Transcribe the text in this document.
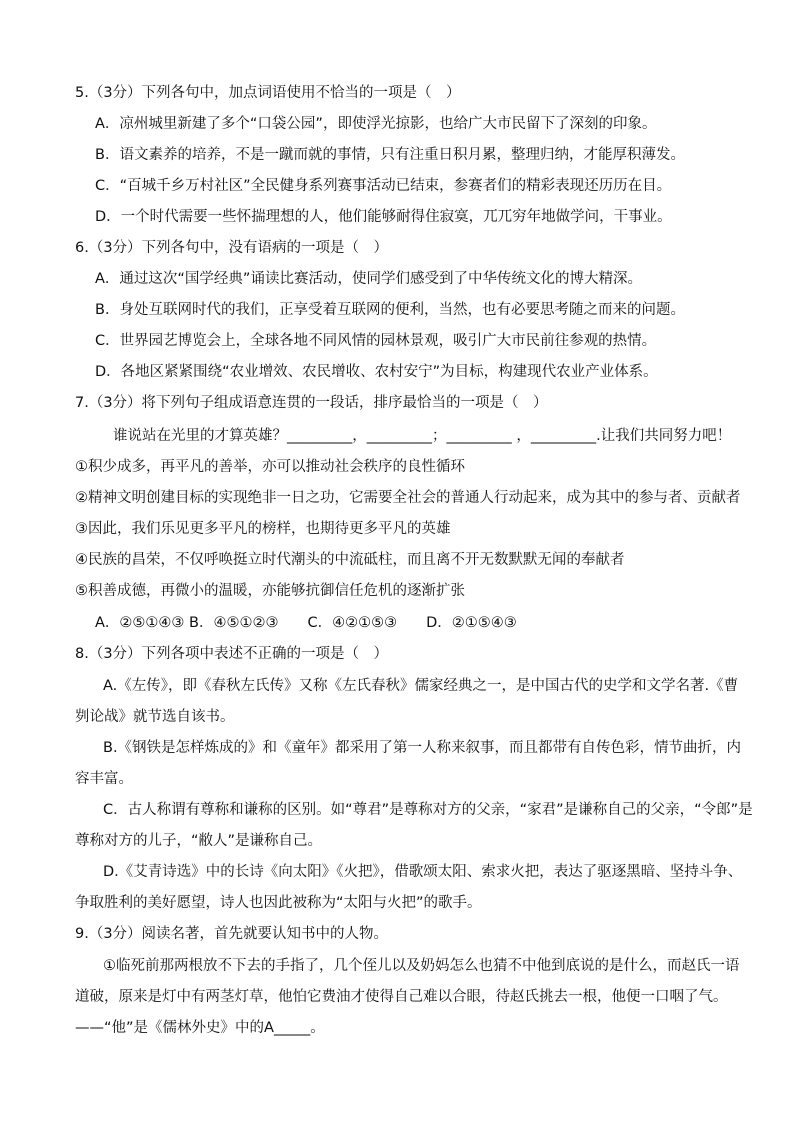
5.（3分）下列各句中，加点词语使用不恰当的一项是（　）
A．凉州城里新建了多个“口袋公园”，即使浮光掠影，也给广大市民留下了深刻的印象。
B．语文素养的培养，不是一蹴而就的事情，只有注重日积月累，整理归纳，才能厚积薄发。
C．“百城千乡万村社区”全民健身系列赛事活动已结束，参赛者们的精彩表现还历历在目。
D．一个时代需要一些怀揣理想的人，他们能够耐得住寂寞，兀兀穷年地做学问，干事业。
6.（3分）下列各句中，没有语病的一项是（　）
A．通过这次“国学经典”诵读比赛活动，使同学们感受到了中华传统文化的博大精深。
B．身处互联网时代的我们，正享受着互联网的便利，当然，也有必要思考随之而来的问题。
C．世界园艺博览会上，全球各地不同风情的园林景观，吸引广大市民前往参观的热情。
D．各地区紧紧围绕“农业增效、农民增收、农村安宁”为目标，构建现代农业产业体系。
7.（3分）将下列句子组成语意连贯的一段话，排序最恰当的一项是（　）
谁说站在光里的才算英雄？_________，_________；_________ ，_________.让我们共同努力吧！
①积少成多，再平凡的善举，亦可以推动社会秩序的良性循环
②精神文明创建目标的实现绝非一日之功，它需要全社会的普通人行动起来，成为其中的参与者、贡献者
③因此，我们乐见更多平凡的榜样，也期待更多平凡的英雄
④民族的昌荣，不仅呼唤挺立时代潮头的中流砥柱，而且离不开无数默默无闻的奉献者
⑤积善成德，再微小的温暖，亦能够抗御信任危机的逐渐扩张
A．②⑤①④③ B．④⑤①②③　　C．④②①⑤③　　D．②①⑤④③
8.（3分）下列各项中表述不正确的一项是（　）
A.《左传》，即《春秋左氏传》又称《左氏春秋》儒家经典之一，是中国古代的史学和文学名著.《曹
刿论战》就节选自该书。
B.《钢铁是怎样炼成的》和《童年》都采用了第一人称来叙事，而且都带有自传色彩，情节曲折，内
容丰富。
C．古人称谓有尊称和谦称的区别。如“尊君”是尊称对方的父亲，“家君”是谦称自己的父亲，“令郎”是
尊称对方的儿子，“敝人”是谦称自己。
D.《艾青诗选》中的长诗《向太阳》《火把》，借歌颂太阳、索求火把，表达了驱逐黑暗、坚持斗争、
争取胜利的美好愿望，诗人也因此被称为“太阳与火把”的歌手。
9.（3分）阅读名著，首先就要认知书中的人物。
①临死前那两根放不下去的手指了，几个侄儿以及奶妈怎么也猜不中他到底说的是什么，而赵氏一语
道破，原来是灯中有两茎灯草，他怕它费油才使得自己难以合眼，待赵氏挑去一根，他便一口咽了气。
——“他”是《儒林外史》中的A_____。
